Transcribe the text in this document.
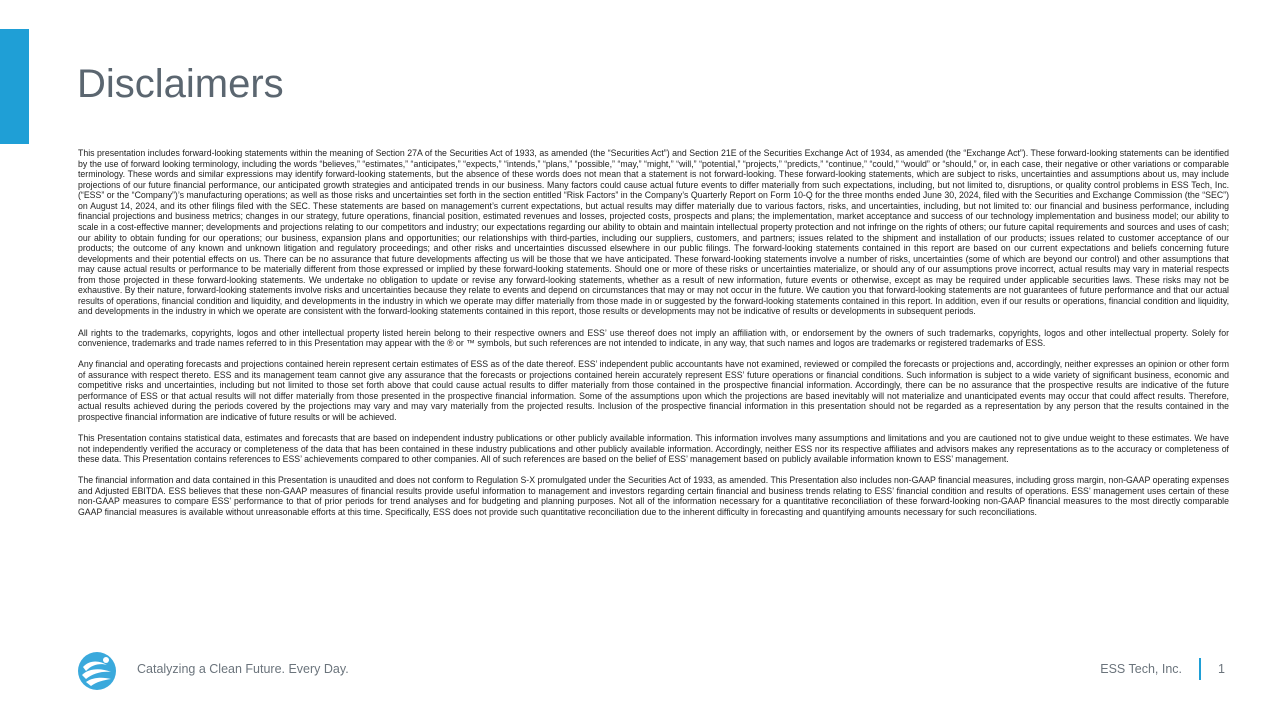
Disclaimers

This presentation includes forward-looking statements within the meaning of Section 27A of the Securities Act of 1933, as amended (the “Securities Act”) and Section 21E of the Securities Exchange Act of 1934, as amended (the “Exchange Act”). These forward-looking statements can be identified by the use of forward looking terminology, including the words “believes,” “estimates,” “anticipates,” “expects,” “intends,” “plans,” “possible,” “may,” “might,” “will,” “potential,” “projects,” “predicts,” “continue,” “could,” “would” or “should,” or, in each case, their negative or other variations or comparable terminology. These words and similar expressions may identify forward-looking statements, but the absence of these words does not mean that a statement is not forward-looking. These forward-looking statements, which are subject to risks, uncertainties and assumptions about us, may include projections of our future financial performance, our anticipated growth strategies and anticipated trends in our business. Many factors could cause actual future events to differ materially from such expectations, including, but not limited to, disruptions, or quality control problems in ESS Tech, Inc. (“ESS” or the “Company”)’s manufacturing operations; as well as those risks and uncertainties set forth in the section entitled “Risk Factors” in the Company’s Quarterly Report on Form 10-Q for the three months ended June 30, 2024, filed with the Securities and Exchange Commission (the “SEC”) on August 14, 2024, and its other filings filed with the SEC. These statements are based on management’s current expectations, but actual results may differ materially due to various factors, risks, and uncertainties, including, but not limited to: our financial and business performance, including financial projections and business metrics; changes in our strategy, future operations, financial position, estimated revenues and losses, projected costs, prospects and plans; the implementation, market acceptance and success of our technology implementation and business model; our ability to scale in a cost-effective manner; developments and projections relating to our competitors and industry; our expectations regarding our ability to obtain and maintain intellectual property protection and not infringe on the rights of others; our future capital requirements and sources and uses of cash; our ability to obtain funding for our operations; our business, expansion plans and opportunities; our relationships with third-parties, including our suppliers, customers, and partners; issues related to the shipment and installation of our products; issues related to customer acceptance of our products; the outcome of any known and unknown litigation and regulatory proceedings; and other risks and uncertainties discussed elsewhere in our public filings. The forward-looking statements contained in this report are based on our current expectations and beliefs concerning future developments and their potential effects on us. There can be no assurance that future developments affecting us will be those that we have anticipated. These forward-looking statements involve a number of risks, uncertainties (some of which are beyond our control) and other assumptions that may cause actual results or performance to be materially different from those expressed or implied by these forward-looking statements. Should one or more of these risks or uncertainties materialize, or should any of our assumptions prove incorrect, actual results may vary in material respects from those projected in these forward-looking statements. We undertake no obligation to update or revise any forward-looking statements, whether as a result of new information, future events or otherwise, except as may be required under applicable securities laws. These risks may not be exhaustive. By their nature, forward-looking statements involve risks and uncertainties because they relate to events and depend on circumstances that may or may not occur in the future. We caution you that forward-looking statements are not guarantees of future performance and that our actual results of operations, financial condition and liquidity, and developments in the industry in which we operate may differ materially from those made in or suggested by the forward-looking statements contained in this report. In addition, even if our results or operations, financial condition and liquidity, and developments in the industry in which we operate are consistent with the forward-looking statements contained in this report, those results or developments may not be indicative of results or developments in subsequent periods.

All rights to the trademarks, copyrights, logos and other intellectual property listed herein belong to their respective owners and ESS’ use thereof does not imply an affiliation with, or endorsement by the owners of such trademarks, copyrights, logos and other intellectual property. Solely for convenience, trademarks and trade names referred to in this Presentation may appear with the ® or ™ symbols, but such references are not intended to indicate, in any way, that such names and logos are trademarks or registered trademarks of ESS.

Any financial and operating forecasts and projections contained herein represent certain estimates of ESS as of the date thereof. ESS’ independent public accountants have not examined, reviewed or compiled the forecasts or projections and, accordingly, neither expresses an opinion or other form of assurance with respect thereto. ESS and its management team cannot give any assurance that the forecasts or projections contained herein accurately represent ESS’ future operations or financial conditions. Such information is subject to a wide variety of significant business, economic and competitive risks and uncertainties, including but not limited to those set forth above that could cause actual results to differ materially from those contained in the prospective financial information. Accordingly, there can be no assurance that the prospective results are indicative of the future performance of ESS or that actual results will not differ materially from those presented in the prospective financial information. Some of the assumptions upon which the projections are based inevitably will not materialize and unanticipated events may occur that could affect results. Therefore, actual results achieved during the periods covered by the projections may vary and may vary materially from the projected results. Inclusion of the prospective financial information in this presentation should not be regarded as a representation by any person that the results contained in the prospective financial information are indicative of future results or will be achieved.

This Presentation contains statistical data, estimates and forecasts that are based on independent industry publications or other publicly available information. This information involves many assumptions and limitations and you are cautioned not to give undue weight to these estimates. We have not independently verified the accuracy or completeness of the data that has been contained in these industry publications and other publicly available information. Accordingly, neither ESS nor its respective affiliates and advisors makes any representations as to the accuracy or completeness of these data. This Presentation contains references to ESS’ achievements compared to other companies. All of such references are based on the belief of ESS’ management based on publicly available information known to ESS’ management.

The financial information and data contained in this Presentation is unaudited and does not conform to Regulation S-X promulgated under the Securities Act of 1933, as amended. This Presentation also includes non-GAAP financial measures, including gross margin, non-GAAP operating expenses and Adjusted EBITDA. ESS believes that these non-GAAP measures of financial results provide useful information to management and investors regarding certain financial and business trends relating to ESS’ financial condition and results of operations. ESS’ management uses certain of these non-GAAP measures to compare ESS’ performance to that of prior periods for trend analyses and for budgeting and planning purposes. Not all of the information necessary for a quantitative reconciliation of these forward-looking non-GAAP financial measures to the most directly comparable GAAP financial measures is available without unreasonable efforts at this time. Specifically, ESS does not provide such quantitative reconciliation due to the inherent difficulty in forecasting and quantifying amounts necessary for such reconciliations.

Catalyzing a Clean Future. Every Day.	ESS Tech, Inc.	1
